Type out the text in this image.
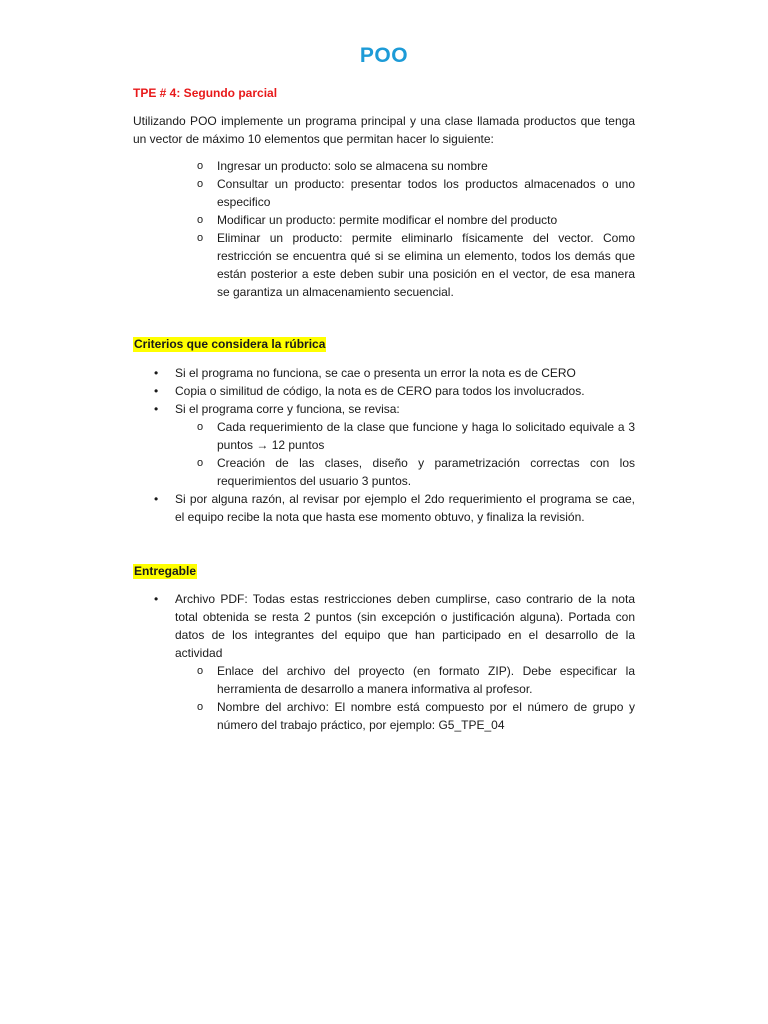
POO
TPE # 4: Segundo parcial
Utilizando POO implemente un programa principal y una clase llamada productos que tenga un vector de máximo 10 elementos que permitan hacer lo siguiente:
o Ingresar un producto: solo se almacena su nombre
o Consultar un producto: presentar todos los productos almacenados o uno especifico
o Modificar un producto: permite modificar el nombre del producto
o Eliminar un producto: permite eliminarlo físicamente del vector. Como restricción se encuentra qué si se elimina un elemento, todos los demás que están posterior a este deben subir una posición en el vector, de esa manera se garantiza un almacenamiento secuencial.
Criterios que considera la rúbrica
• Si el programa no funciona, se cae o presenta un error la nota es de CERO
• Copia o similitud de código, la nota es de CERO para todos los involucrados.
• Si el programa corre y funciona, se revisa:
o Cada requerimiento de la clase que funcione y haga lo solicitado equivale a 3 puntos → 12 puntos
o Creación de las clases, diseño y parametrización correctas con los requerimientos del usuario 3 puntos.
• Si por alguna razón, al revisar por ejemplo el 2do requerimiento el programa se cae, el equipo recibe la nota que hasta ese momento obtuvo, y finaliza la revisión.
Entregable
• Archivo PDF: Todas estas restricciones deben cumplirse, caso contrario de la nota total obtenida se resta 2 puntos (sin excepción o justificación alguna). Portada con datos de los integrantes del equipo que han participado en el desarrollo de la actividad
o Enlace del archivo del proyecto (en formato ZIP). Debe especificar la herramienta de desarrollo a manera informativa al profesor.
o Nombre del archivo: El nombre está compuesto por el número de grupo y número del trabajo práctico, por ejemplo: G5_TPE_04
